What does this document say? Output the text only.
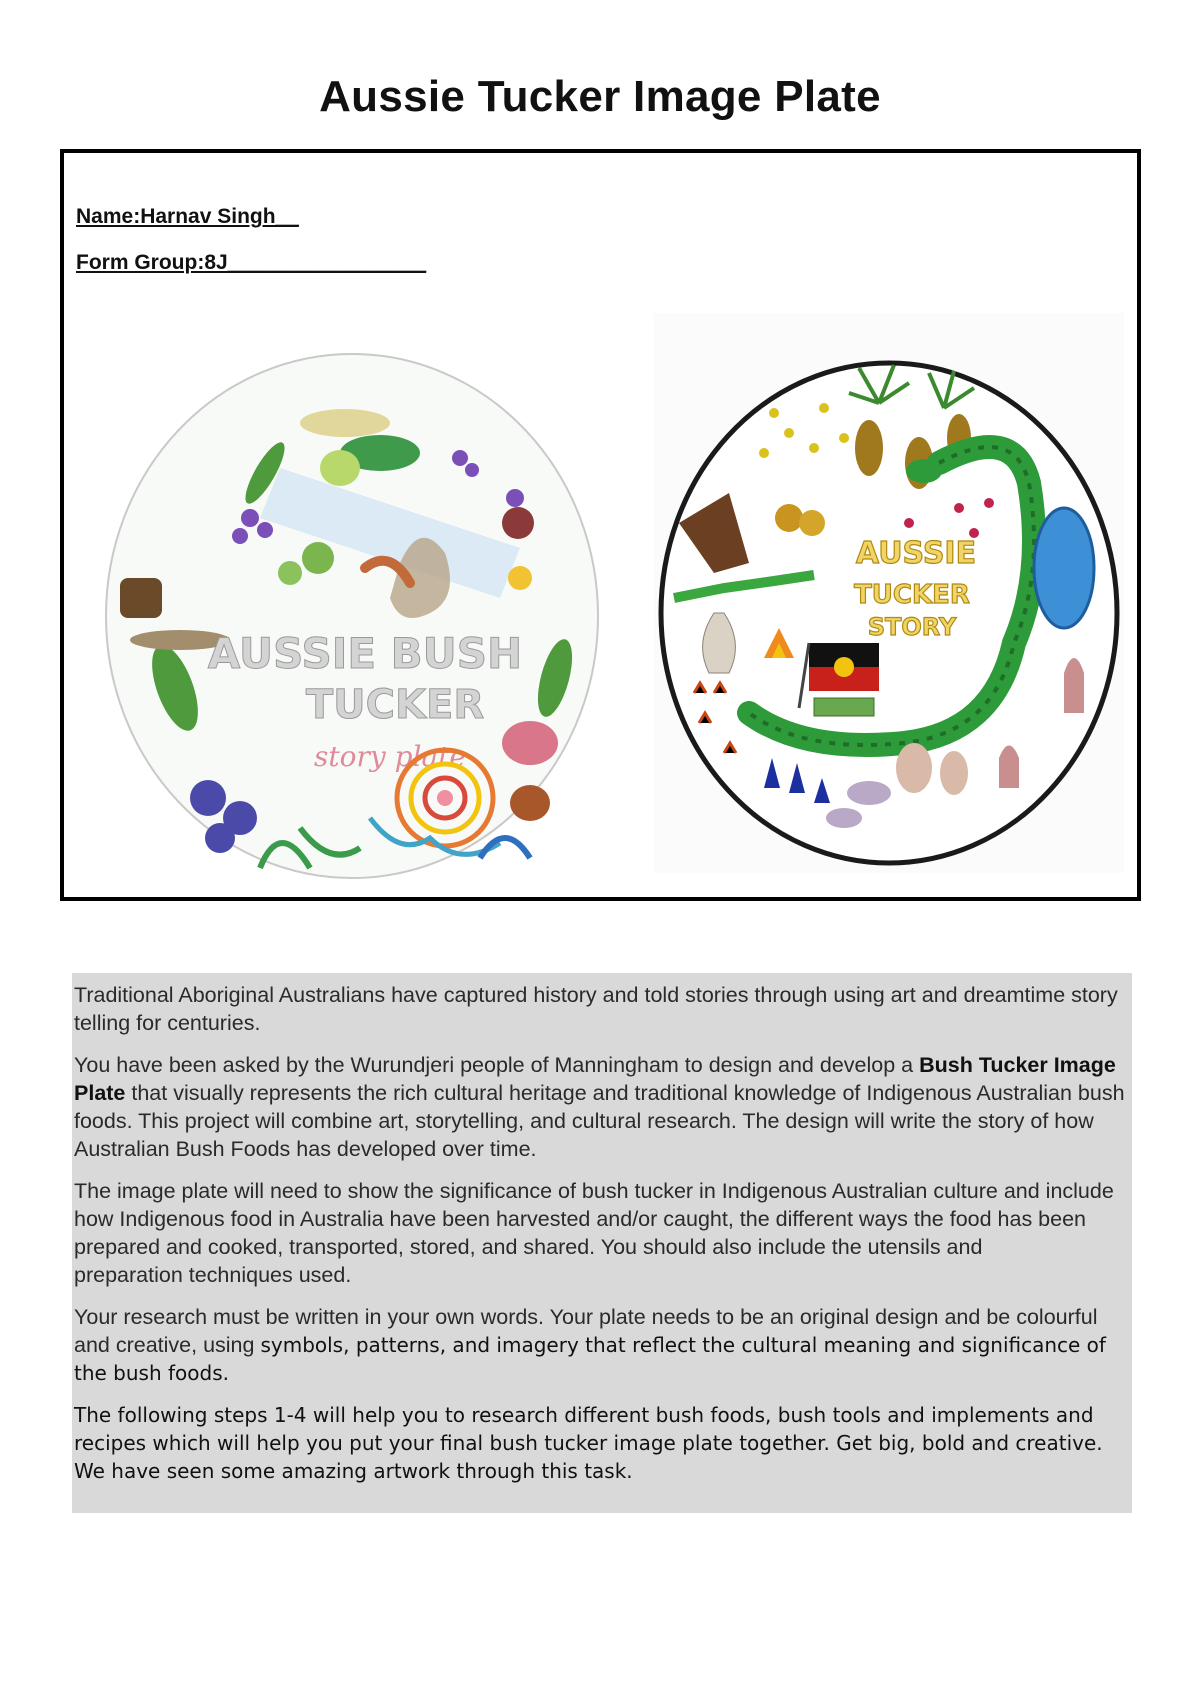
Aussie Tucker Image Plate
Name:Harnav Singh__
Form Group:8J_________________
AUSSIE BUSH
TUCKER
story plate
AUSSIE
TUCKER
STORY

Traditional Aboriginal Australians have captured history and told stories through using art and dreamtime story telling for centuries.

You have been asked by the Wurundjeri people of Manningham to design and develop a Bush Tucker Image Plate that visually represents the rich cultural heritage and traditional knowledge of Indigenous Australian bush foods. This project will combine art, storytelling, and cultural research. The design will write the story of how Australian Bush Foods has developed over time.

The image plate will need to show the significance of bush tucker in Indigenous Australian culture and include how Indigenous food in Australia have been harvested and/or caught, the different ways the food has been prepared and cooked, transported, stored, and shared. You should also include the utensils and
preparation techniques used.

Your research must be written in your own words. Your plate needs to be an original design and be colourful and creative, using symbols, patterns, and imagery that reflect the cultural meaning and significance of the bush foods.

The following steps 1-4 will help you to research different bush foods, bush tools and implements and recipes which will help you put your final bush tucker image plate together. Get big, bold and creative. We have seen some amazing artwork through this task.
